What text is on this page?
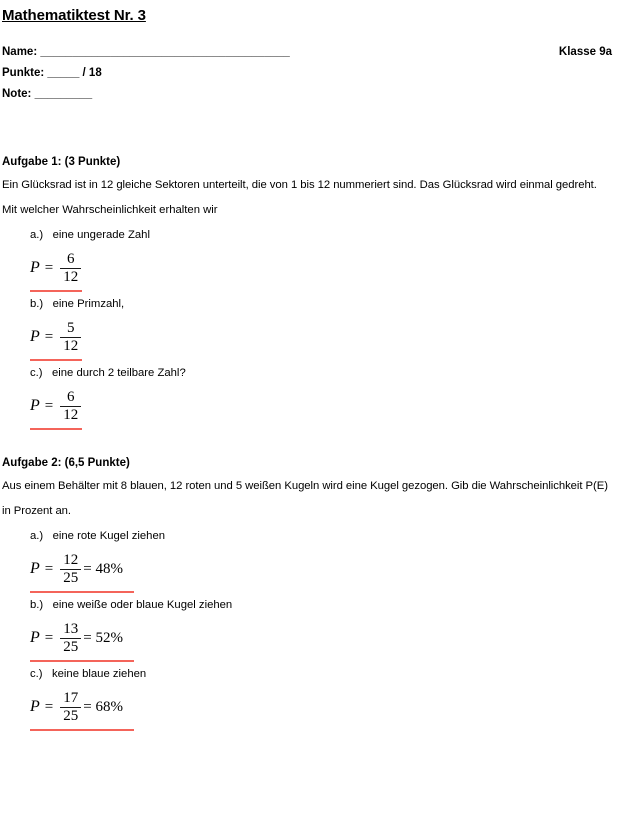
Mathematiktest Nr. 3
Name: _______________________________________	Klasse 9a
Punkte: _____ / 18
Note: _________
Aufgabe 1: (3 Punkte)
Ein Glücksrad ist in 12 gleiche Sektoren unterteilt, die von 1 bis 12 nummeriert sind. Das Glücksrad wird einmal gedreht.
Mit welcher Wahrscheinlichkeit erhalten wir
a.)   eine ungerade Zahl
$P = \frac{6}{12}$
b.)   eine Primzahl,
$P = \frac{5}{12}$
c.)   eine durch 2 teilbare Zahl?
$P = \frac{6}{12}$
Aufgabe 2: (6,5 Punkte)
Aus einem Behälter mit 8 blauen, 12 roten und 5 weißen Kugeln wird eine Kugel gezogen. Gib die Wahrscheinlichkeit P(E) in Prozent an.
a.)   eine rote Kugel ziehen
$P = \frac{12}{25} = 48\%$
b.)   eine weiße oder blaue Kugel ziehen
$P = \frac{13}{25} = 52\%$
c.)   keine blaue ziehen
$P = \frac{17}{25} = 68\%$
